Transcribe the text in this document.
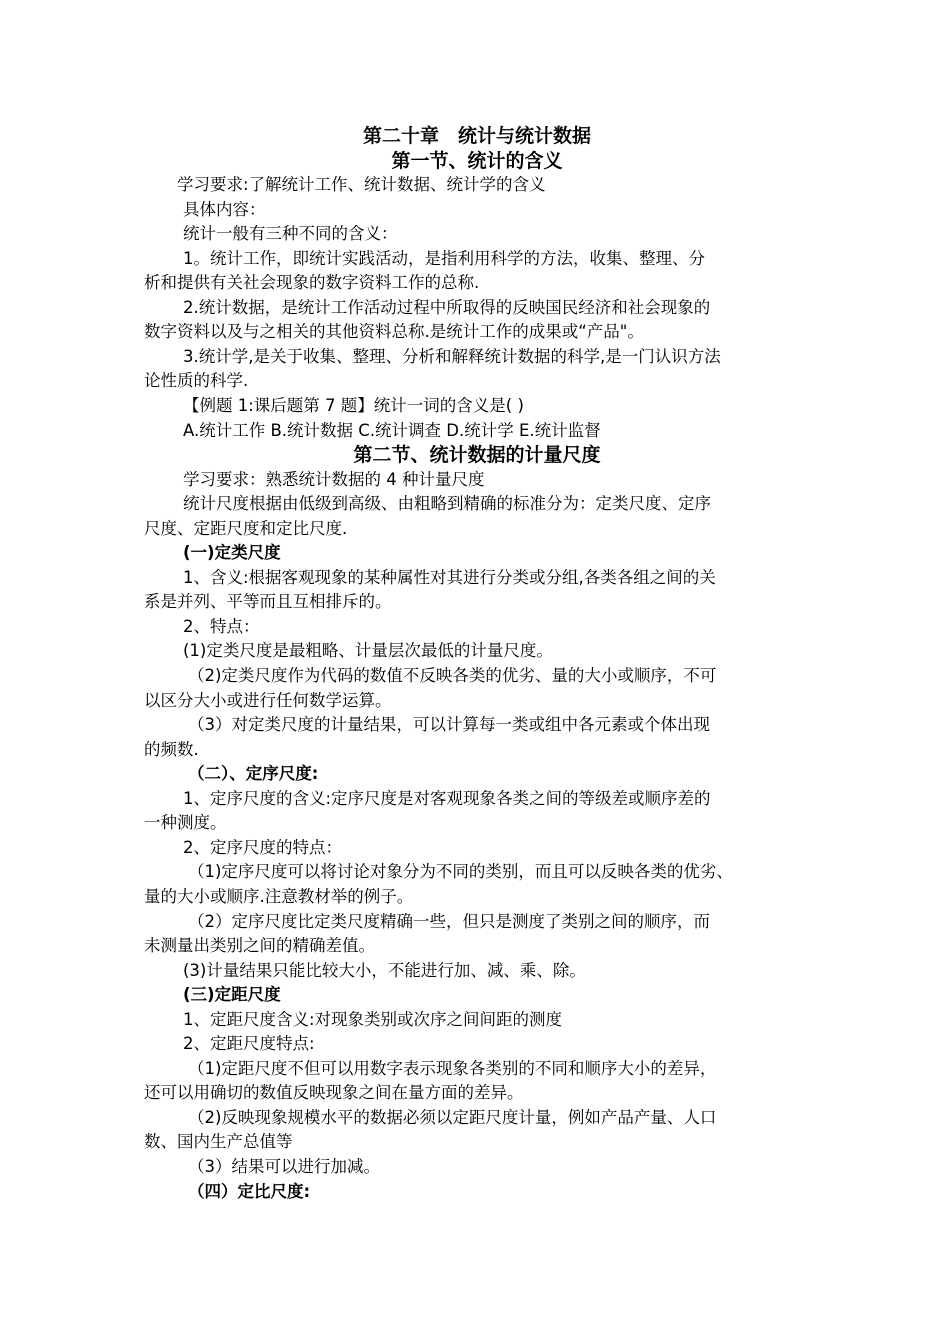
第二十章　统计与统计数据
第一节、统计的含义
学习要求:了解统计工作、统计数据、统计学的含义
具体内容：
统计一般有三种不同的含义：
1。统计工作，即统计实践活动，是指利用科学的方法，收集、整理、分
析和提供有关社会现象的数字资料工作的总称.
2.统计数据，是统计工作活动过程中所取得的反映国民经济和社会现象的
数字资料以及与之相关的其他资料总称.是统计工作的成果或“产品"。
3.统计学,是关于收集、整理、分析和解释统计数据的科学,是一门认识方法
论性质的科学.
【例题 1:课后题第 7 题】统计一词的含义是( )
A.统计工作 B.统计数据 C.统计调查 D.统计学 E.统计监督
第二节、统计数据的计量尺度
学习要求：熟悉统计数据的 4 种计量尺度
统计尺度根据由低级到高级、由粗略到精确的标准分为：定类尺度、定序
尺度、定距尺度和定比尺度.
(一)定类尺度
1、含义:根据客观现象的某种属性对其进行分类或分组,各类各组之间的关
系是并列、平等而且互相排斥的。
2、特点：
(1)定类尺度是最粗略、计量层次最低的计量尺度。
（2)定类尺度作为代码的数值不反映各类的优劣、量的大小或顺序，不可
以区分大小或进行任何数学运算。
（3）对定类尺度的计量结果，可以计算每一类或组中各元素或个体出现
的频数.
（二）、定序尺度:
1、定序尺度的含义:定序尺度是对客观现象各类之间的等级差或顺序差的
一种测度。
2、定序尺度的特点：
（1)定序尺度可以将讨论对象分为不同的类别，而且可以反映各类的优劣、
量的大小或顺序.注意教材举的例子。
（2）定序尺度比定类尺度精确一些，但只是测度了类别之间的顺序，而
未测量出类别之间的精确差值。
(3)计量结果只能比较大小，不能进行加、减、乘、除。
(三)定距尺度
1、定距尺度含义:对现象类别或次序之间间距的测度
2、定距尺度特点:
（1)定距尺度不但可以用数字表示现象各类别的不同和顺序大小的差异，
还可以用确切的数值反映现象之间在量方面的差异。
（2)反映现象规模水平的数据必须以定距尺度计量，例如产品产量、人口
数、国内生产总值等
（3）结果可以进行加减。
（四）定比尺度:
